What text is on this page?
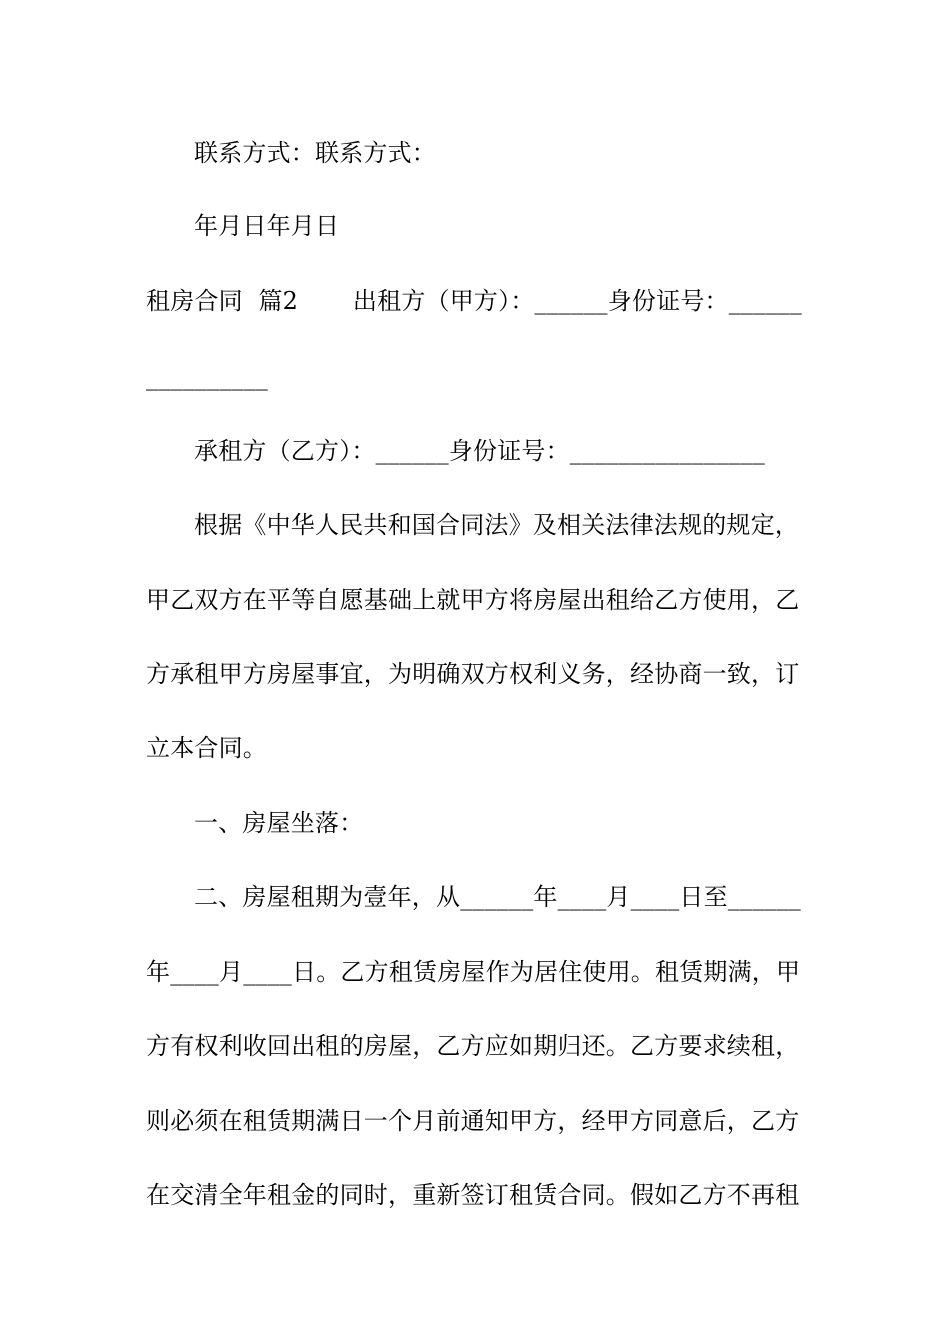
联系方式：联系方式：
年月日年月日
租房合同  篇2       出租方（甲方）：______身份证号：______
__________
承租方（乙方）：______身份证号：________________
根据《中华人民共和国合同法》及相关法律法规的规定，
甲乙双方在平等自愿基础上就甲方将房屋出租给乙方使用，乙
方承租甲方房屋事宜，为明确双方权利义务，经协商一致，订
立本合同。
一、房屋坐落：
二、房屋租期为壹年，从______年____月____日至______
年____月____日。乙方租赁房屋作为居住使用。租赁期满，甲
方有权利收回出租的房屋，乙方应如期归还。乙方要求续租，
则必须在租赁期满日一个月前通知甲方，经甲方同意后，乙方
在交清全年租金的同时，重新签订租赁合同。假如乙方不再租
